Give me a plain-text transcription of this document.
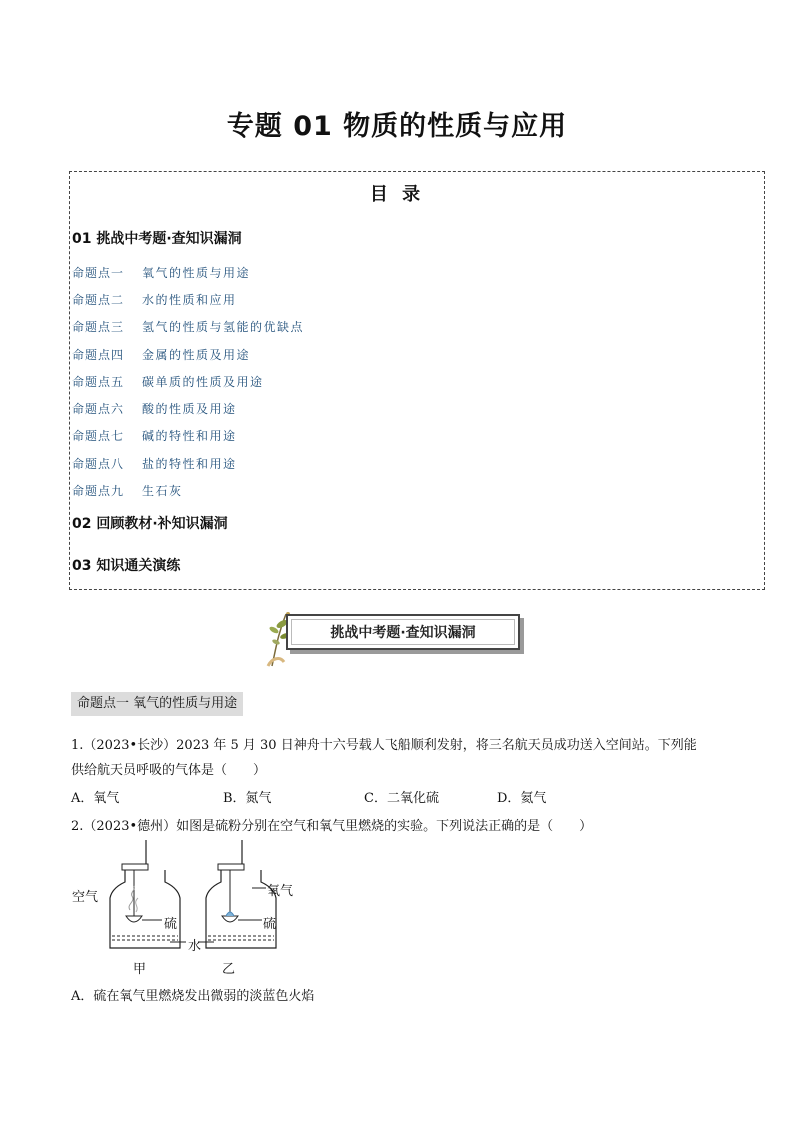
专题 01 物质的性质与应用
目 录
01 挑战中考题·查知识漏洞
命题点一 氧气的性质与用途
命题点二 水的性质和应用
命题点三 氢气的性质与氢能的优缺点
命题点四 金属的性质及用途
命题点五 碳单质的性质及用途
命题点六 酸的性质及用途
命题点七 碱的特性和用途
命题点八 盐的特性和用途
命题点九 生石灰
02 回顾教材·补知识漏洞
03 知识通关演练
挑战中考题·查知识漏洞
命题点一 氧气的性质与用途
1.（2023•长沙）2023 年 5 月 30 日神舟十六号载人飞船顺利发射，将三名航天员成功送入空间站。下列能
供给航天员呼吸的气体是（　　）
A．氧气	B．氮气	C．二氧化硫	D．氦气
2.（2023•德州）如图是硫粉分别在空气和氧气里燃烧的实验。下列说法正确的是（　　）
空气	氧气
硫	硫
水
甲	乙
A．硫在氧气里燃烧发出微弱的淡蓝色火焰
